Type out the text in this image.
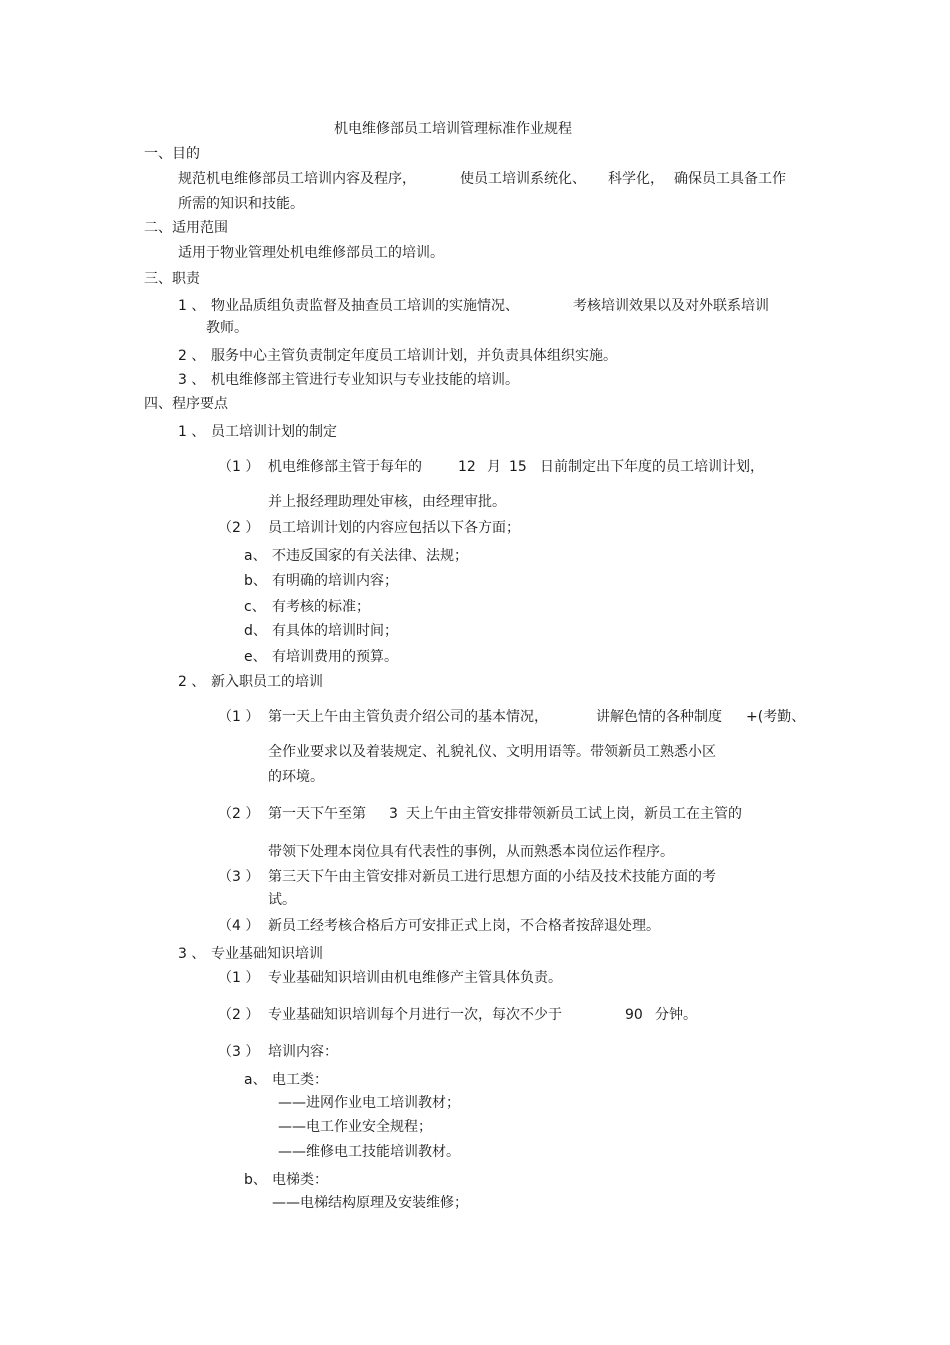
机电维修部员工培训管理标准作业规程
一、目的
规范机电维修部员工培训内容及程序，	使员工培训系统化、 科学化， 确保员工具备工作
所需的知识和技能。
二、适用范围
适用于物业管理处机电维修部员工的培训。
三、职责
1 、 物业品质组负责监督及抽查员工培训的实施情况、	考核培训效果以及对外联系培训
教师。
2 、 服务中心主管负责制定年度员工培训计划，并负责具体组织实施。
3 、 机电维修部主管进行专业知识与专业技能的培训。
四、程序要点
1 、 员工培训计划的制定
（1 ） 机电维修部主管于每年的	12 月 15 日前制定出下年度的员工培训计划，
并上报经理助理处审核，由经理审批。
（2 ） 员工培训计划的内容应包括以下各方面；
a、 不违反国家的有关法律、法规；
b、 有明确的培训内容；
c、 有考核的标准；
d、 有具体的培训时间；
e、 有培训费用的预算。
2 、 新入职员工的培训
（1 ） 第一天上午由主管负责介绍公司的基本情况，	讲解色情的各种制度 +(考勤、
全作业要求以及着装规定、礼貌礼仪、文明用语等。带领新员工熟悉小区
的环境。
（2 ） 第一天下午至第 3 天上午由主管安排带领新员工试上岗，新员工在主管的
带领下处理本岗位具有代表性的事例，从而熟悉本岗位运作程序。
（3 ） 第三天下午由主管安排对新员工进行思想方面的小结及技术技能方面的考
试。
（4 ） 新员工经考核合格后方可安排正式上岗，不合格者按辞退处理。
3 、 专业基础知识培训
（1 ） 专业基础知识培训由机电维修产主管具体负责。
（2 ） 专业基础知识培训每个月进行一次，每次不少于	90 分钟。
（3 ） 培训内容：
a、 电工类：
——进网作业电工培训教材；
——电工作业安全规程；
——维修电工技能培训教材。
b、 电梯类：
——电梯结构原理及安装维修；
